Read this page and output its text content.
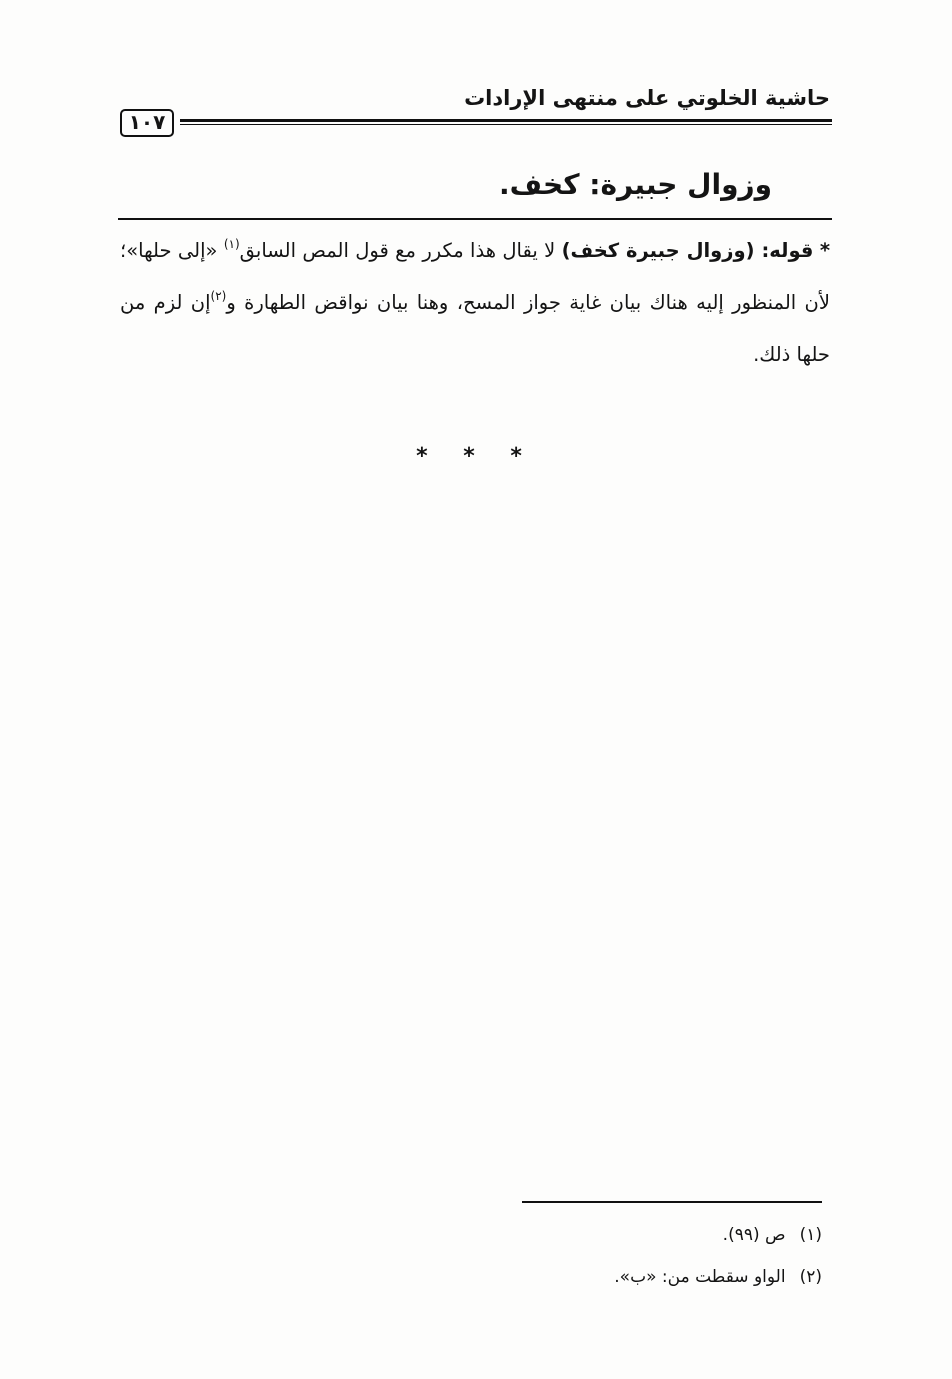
حاشية الخلوتي على منتهى الإرادات
١٠٧
وزوال جبيرة: كخف.
* قوله: (وزوال جبيرة كخف) لا يقال هذا مكرر مع قول المص السابق$^{(١)}$ «إلى حلها»؛ لأن المنظور إليه هناك بيان غاية جواز المسح، وهنا بيان نواقض الطهارة و$^{(٢)}$إن لزم من حلها ذلك.
* * *
(١)ص (٩٩).
(٢)الواو سقطت من: «ب».
